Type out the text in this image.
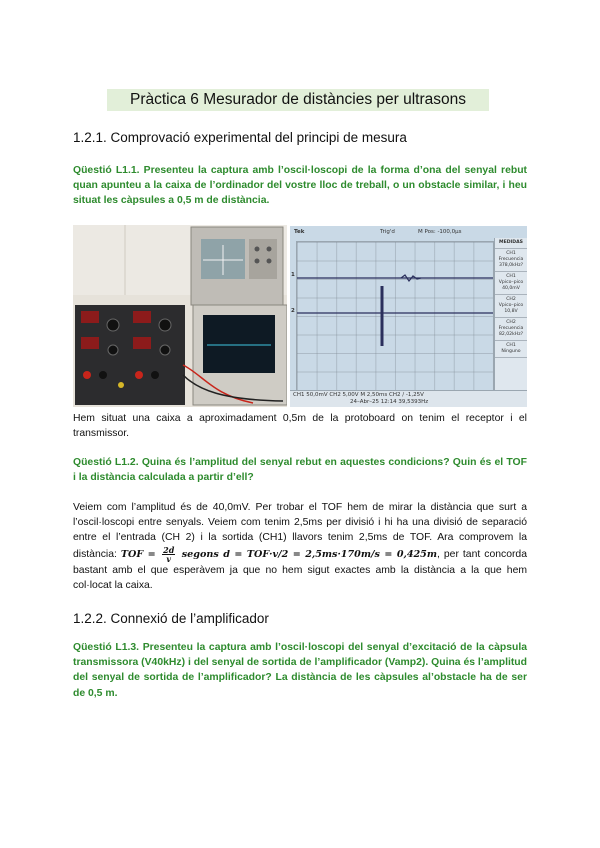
Pràctica 6 Mesurador de distàncies per ultrasons
1.2.1. Comprovació experimental del principi de mesura
Qüestió L1.1. Presenteu la captura amb l’oscil·loscopi de la forma d’ona del senyal rebut quan apunteu a la caixa de l’ordinador del vostre lloc de treball, o un obstacle similar, i heu situat les càpsules a 0,5 m de distància.
Tek	Trig'd	M Pos: -100,0μs
1
2
MEDIDAS
CH1
Frecuencia
378,0kHz?
CH1
Vpico–pico
40,0mV
CH2
Vpico–pico
10,8V
CH2
Frecuencia
82,02kHz?
CH1
Ninguno
CH1 50,0mV CH2 5,00V M 2,50ms CH2 ∕ -1,25V
24–Abr–25 12:14 39,5393Hz
Hem situat una caixa a aproximadament 0,5m de la protoboard on tenim el receptor i el transmissor.
Qüestió L1.2. Quina és l’amplitud del senyal rebut en aquestes condicions? Quin és el TOF i la distància calculada a partir d’ell?
Veiem com l’amplitud és de 40,0mV. Per trobar el TOF hem de mirar la distància que surt a l’oscil·loscopi entre senyals. Veiem com tenim 2,5ms per divisió i hi ha una divisió de separació entre el l’entrada (CH 2) i la sortida (CH1) llavors tenim 2,5ms de TOF. Ara comprovem la distància: TOF = $\frac{2d}{v}$ segons d = TOF·v/2 = 2,5ms·170m/s = 0,425m, per tant concorda bastant amb el que esperàvem ja que no hem sigut exactes amb la distància a la que hem col·locat la caixa.
1.2.2. Connexió de l’amplificador
Qüestió L1.3. Presenteu la captura amb l’oscil·loscopi del senyal d’excitació de la càpsula transmissora (V40kHz) i del senyal de sortida de l’amplificador (Vamp2). Quina és l’amplitud del senyal de sortida de l’amplificador? La distància de les càpsules al’obstacle ha de ser de 0,5 m.
